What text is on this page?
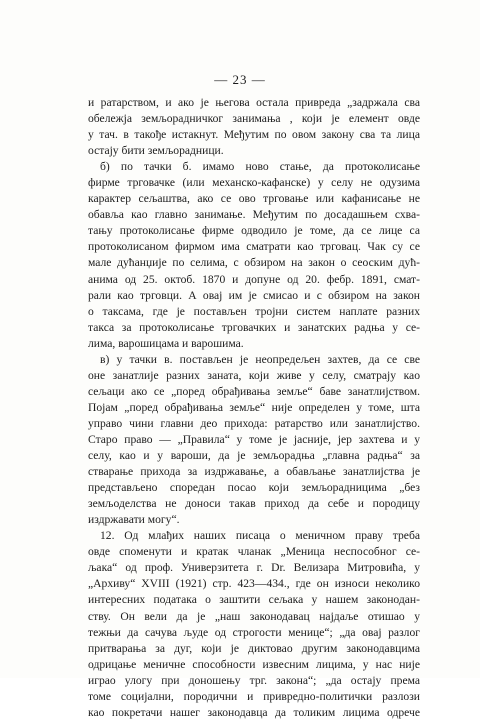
— 23 —
и ратарством, и ако је његова остала привреда „задржала сва
обележја земљорадничког занимања , који је елемент овде
у тач. в такође истакнут. Међутим по овом закону сва та лица
остају бити земљорадници.
б) по тачки б. имамо ново стање, да протоколисање
фирме трговачке (или механско-кафанске) у селу не одузима
карактер сељаштва, ако се ово трговање или кафанисање не
обавља као главно занимање. Међутим по досадашњем схва-
тању протоколисање фирме одводило је томе, да се лице са
протоколисаном фирмом има сматрати као трговац. Чак су се
мале дућанџије по селима, с обзиром на закон о сеоским дућ-
анима од 25. октоб. 1870 и допуне од 20. фебр. 1891, смат-
рали као трговци. А овај им је смисао и с обзиром на закон
о таксама, где је постављен трojни систем наплате разних
такса за протоколисање трговачких и занатских радња у се-
лима, варошицама и варошима.
в) у тачки в. постављен је неопредељен захтев, да се све
оне занатлије разних заната, који живе у селу, сматрају као
сељаци ако се „поред обрађивања земље“ баве занатлијством.
Појам „поред обрађивања земље“ није определен у томе, шта
управо чини главни део прихода: ратарство или занатлијство.
Старо право — „Правила“ у томе је јасније, јер захтева и у
селу, као и у вароши, да је земљорадња „главна радња“ за
стварање прихода за издржавање, а обављање занатлијства је
представљено споредан посао који земљорадницима „без
земљоделства не доноси такав приход да себе и породицу
издржавати могу“.
12. Од млађих наших писаца о меничном праву треба
овде споменути и кратак чланак „Меница неспособног се-
љака“ од проф. Универзитета г. Dr. Велизара Митровића, у
„Архиву“ XVIII (1921) стр. 423—434., где он износи неколико
интересних података о заштити сељака у нашем законодан-
ству. Он вели да је „наш законодавац најдаље отишао у
тежњи да сачува људе од строгости менице“; „да овај разлог
притварања за дуг, који је диктовао другим законодавцима
одрицање меничне способности извесним лицима, у нас није
играо улогу при доношењу трг. закона“; „да остају према
томе социјални, породични и привредно-политички разлози
као покретачи нашег законодавца да толиким лицима одрече
